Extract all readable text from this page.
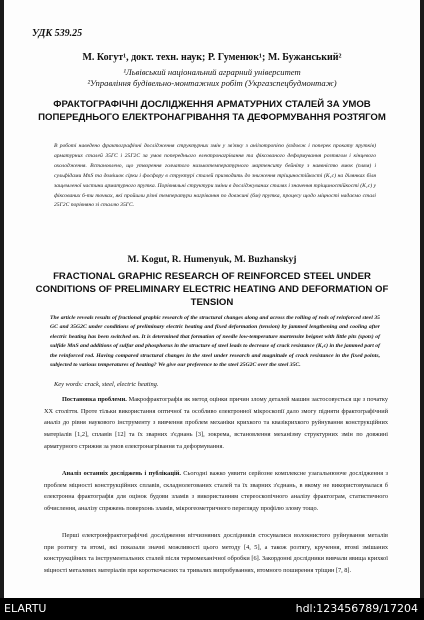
УДК 539.25
М. Когут¹, докт. техн. наук; Р. Гуменюк¹; М. Бужанський²
¹Львівський національний аграрний університет
²Управління будівельно-монтажних робіт (Укргазспецбудмонтаж)
ФРАКТОГРАФІЧНІ ДОСЛІДЖЕННЯ АРМАТУРНИХ СТАЛЕЙ ЗА УМОВ ПОПЕРЕДНЬОГО ЕЛЕКТРОНАГРІВАННЯ ТА ДЕФОРМУВАННЯ РОЗТЯГОМ
В роботі наведено фрактографічні дослідження структурних змін у зв'язку з аніізотропією (вздовж і поперек прокату прутків) арматурних сталей 35ГС і 25Г2С за умов попереднього електронагрівання та фіксованого деформування розтягом і кінцевого охолодження. Встановлено, що утворення голчатого низькотемпературного мартенситу бейніту з наявністю ямок (плям) і сульфідами MnS та домішок сірки і фосфору в структурі сталей призводить до зниження тріщиностійкості (K₁с) на ділянках біля защемленої частини арматурного прутка. Порівняльні структури зміни в досліджуваних сталях і значення тріщиностійкості (K₁с) у фіксованих 6-ти точках, які пройшли різні температури нагрівання по довжині (6м) прутка, процесу щодо міцності надаємо сталі 25Г2С порівняно зі сталлю 35ГС.
M. Kogut, R. Humenyuk, M. Buzhanskyj
FRACTIONAL GRAPHIC RESEARCH OF REINFORCED STEEL UNDER CONDITIONS OF PRELIMINARY ELECTRIC HEATING AND DEFORMATION OF TENSION
The article reveals results of fractional graphic research of the structural changes along and across the rolling of rods of reinforced steel 35 GC and 35G2C under conditions of preliminary electric heating and fixed deformation (tension) by jammed lengthening and cooling after electric heating has been switched on. It is determined that formation of needle low-temperature martensite beignet with little pits (spots) of sulfide MnS and additions of sulfur and phosphorus in the structure of steel leads to decrease of crack resistance (K₁c) in the jammed part of the reinforced rod. Having compared structural changes in the steel under research and magnitude of crack resistance in the fixed points, subjected to various temperatures of heating? We give our preference to the steel 25G2C over the steel 35C.
Key words: crack, steel, electric heating.
Постановка проблеми. Макрофрактографія як метод оцінки причин злому деталей машин застосовується ще з початку XX століття. Проте тільки використання оптичної та особливо електронної мікроскопії дало змогу підняти фрактографічний аналіз до рівня наукового інструменту з вивчення проблем механіки крихкого та квазікрихкого руйнування конструкційних матеріалів [1,2], сплавів [12] та їх зварних з'єднань [3], зокрема, встановлення механізму структурних змін по довжині арматурного стрижня за умов електронагрівання та деформування.
Аналіз останніх досліджень і публікацій. Сьогодні важко уявити серйозне комплексне узагальнююче дослідження з проблем міцності конструкційних сплавів, складнолегованих сталей та їх зварних з'єднань, в якому не використовувалася б електронна фрактографія для оцінок будови зламів з використанням стереоскопічного аналізу фрактограм, статистичного обчислення, аналізу спряжень поверхонь зламів, мікрогеометричного перегляду профілю злому тощо.
Перші електронфрактографічні дослідження вітчизняних дослідників стосувалися волокнистого руйнування металів при розтягу та втомі, які показали значні можливості цього методу [4, 5], а також розтягу, кручення, втомі змішаних конструкційних та інструментальних сталей після термомеханічної обробки [6]. Закордонні дослідники вивчали явища крихкої міцності металевих матеріалів при короткочасних та тривалих випробуваннях, втомного поширення тріщин [7, 8].
ELARTU	hdl:123456789/17204
